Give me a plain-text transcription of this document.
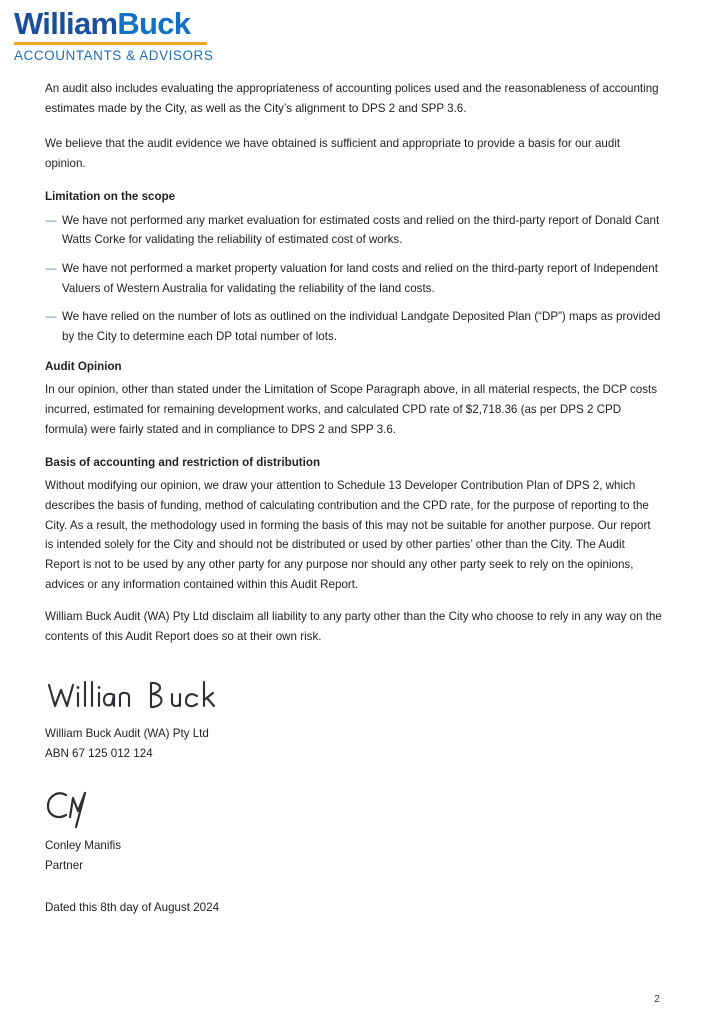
WilliamBuck
ACCOUNTANTS & ADVISORS

An audit also includes evaluating the appropriateness of accounting polices used and the reasonableness of accounting estimates made by the City, as well as the City’s alignment to DPS 2 and SPP 3.6.

We believe that the audit evidence we have obtained is sufficient and appropriate to provide a basis for our audit opinion.

Limitation on the scope
— We have not performed any market evaluation for estimated costs and relied on the third-party report of Donald Cant Watts Corke for validating the reliability of estimated cost of works.
— We have not performed a market property valuation for land costs and relied on the third-party report of Independent Valuers of Western Australia for validating the reliability of the land costs.
— We have relied on the number of lots as outlined on the individual Landgate Deposited Plan (“DP”) maps as provided by the City to determine each DP total number of lots.
Audit Opinion

In our opinion, other than stated under the Limitation of Scope Paragraph above, in all material respects, the DCP costs incurred, estimated for remaining development works, and calculated CPD rate of $2,718.36 (as per DPS 2 CPD formula) were fairly stated and in compliance to DPS 2 and SPP 3.6.

Basis of accounting and restriction of distribution

Without modifying our opinion, we draw your attention to Schedule 13 Developer Contribution Plan of DPS 2, which describes the basis of funding, method of calculating contribution and the CPD rate, for the purpose of reporting to the City. As a result, the methodology used in forming the basis of this may not be suitable for another purpose. Our report is intended solely for the City and should not be distributed or used by other parties’ other than the City. The Audit Report is not to be used by any other party for any purpose nor should any other party seek to rely on the opinions, advices or any information contained within this Audit Report.

William Buck Audit (WA) Pty Ltd disclaim all liability to any party other than the City who choose to rely in any way on the contents of this Audit Report does so at their own risk.

William Buck Audit (WA) Pty Ltd
ABN 67 125 012 124
Conley Manifis
Partner
Dated this 8th day of August 2024
2
